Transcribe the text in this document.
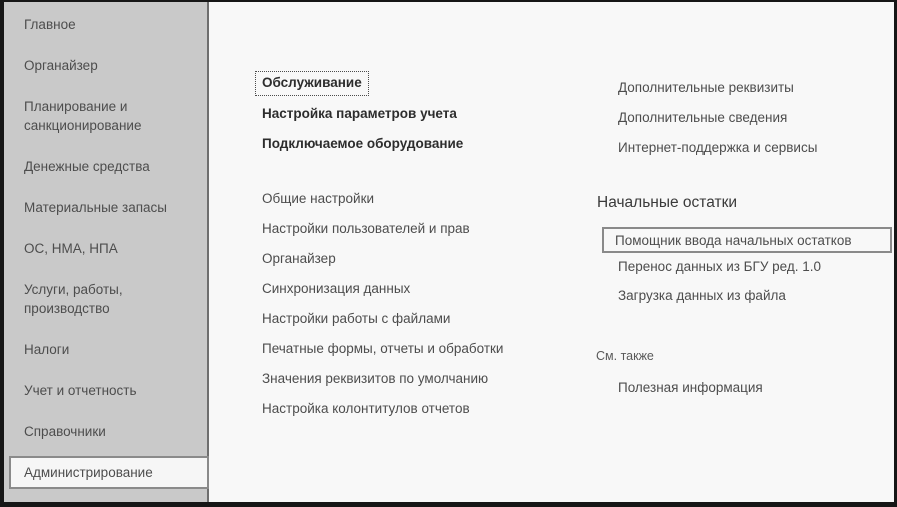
Главное
Органайзер
Планирование и санкционирование
Денежные средства
Материальные запасы
ОС, НМА, НПА
Услуги, работы, производство
Налоги
Учет и отчетность
Справочники
Администрирование
Обслуживание
Настройка параметров учета
Подключаемое оборудование
Общие настройки
Настройки пользователей и прав
Органайзер
Синхронизация данных
Настройки работы с файлами
Печатные формы, отчеты и обработки
Значения реквизитов по умолчанию
Настройка колонтитулов отчетов
Дополнительные реквизиты
Дополнительные сведения
Интернет-поддержка и сервисы
Начальные остатки
Помощник ввода начальных остатков
Перенос данных из БГУ ред. 1.0
Загрузка данных из файла
См. также
Полезная информация
